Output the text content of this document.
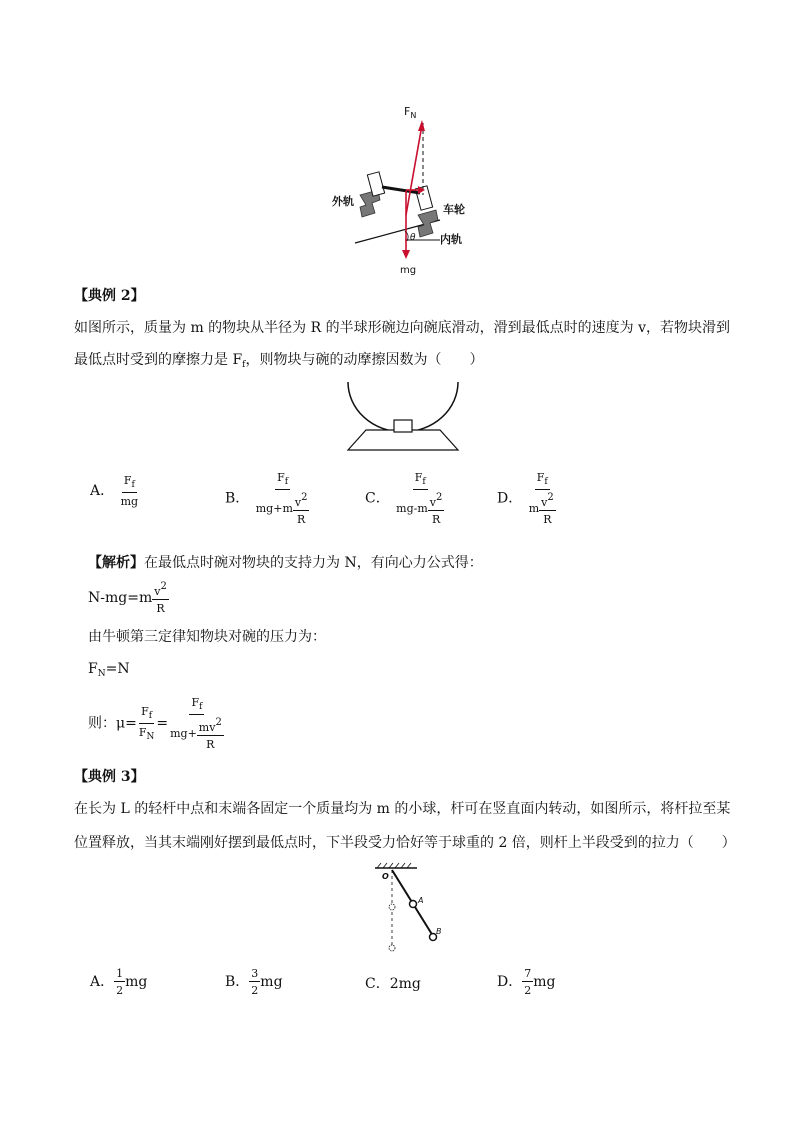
$F_N$
外轨
车轮
内轨
θ
mg
【典例 2】
如图所示，质量为 m 的物块从半径为 R 的半球形碗边向碗底滑动，滑到最低点时的速度为 v，若物块滑到
最低点时受到的摩擦力是 $F_f$，则物块与碗的动摩擦因数为（　　）
A． $\frac{F_f}{mg}$	B． $\frac{F_f}{mg+m \frac{v2}{R}}$	C． $\frac{F_f}{mg-m \frac{v2}{R}}$	D． $\frac{F_f}{m \frac{v2}{R}}$
【解析】在最低点时碗对物块的支持力为 N，有向心力公式得：
$N-mg=m \frac{v2}{R}$
由牛顿第三定律知物块对碗的压力为：
$F_N=N$
则：$\mu= \frac{F_f}{F_N} = \frac{F_f}{mg+ \frac{mv2}{R}}$
【典例 3】
在长为 L 的轻杆中点和末端各固定一个质量均为 m 的小球，杆可在竖直面内转动，如图所示，将杆拉至某
位置释放，当其末端刚好摆到最低点时，下半段受力恰好等于球重的 2 倍，则杆上半段受到的拉力（　　）
O
A
B
A． $\frac{1}{2}$ mg	B． $\frac{3}{2}$ mg	C．2mg	D． $\frac{7}{2}$ mg
